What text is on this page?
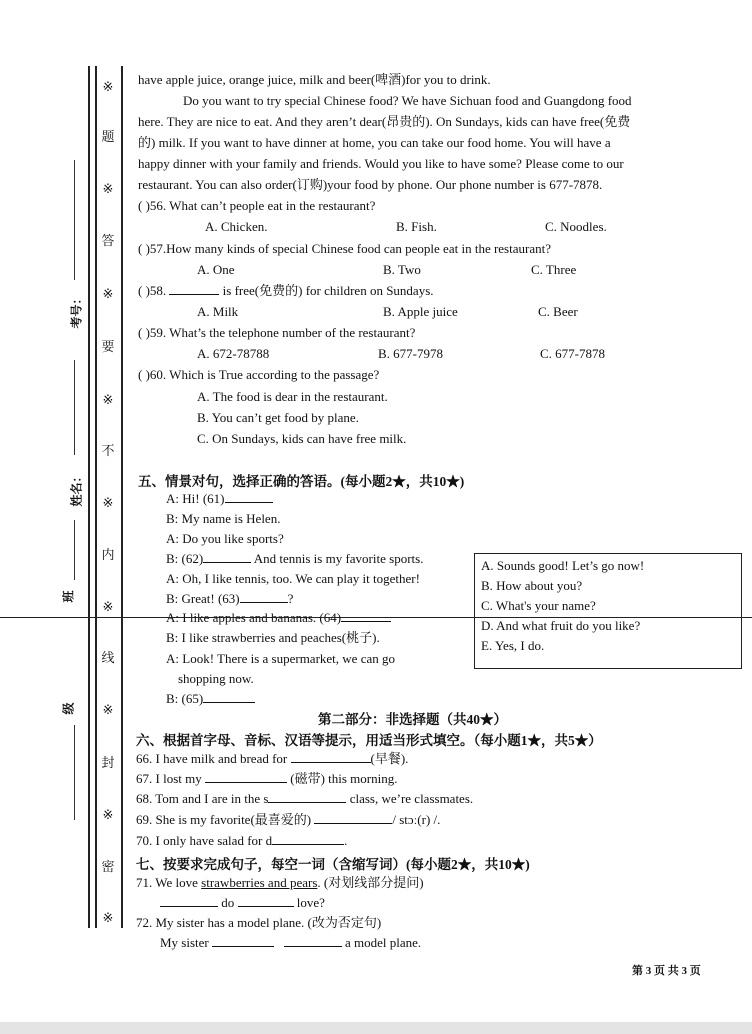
※
题
※
答
※
要
※
不
※
内
※
线
※
封
※
密
※
考号：
姓名：
班
级
have apple juice, orange juice, milk and beer(啤酒)for you to drink.
Do you want to try special Chinese food? We have Sichuan food and Guangdong food
here. They are nice to eat. And they aren’t dear(昂贵的). On Sundays, kids can have free(免费
的) milk. If you want to have dinner at home, you can take our food home. You will have a
happy dinner with your family and friends. Would you like to have some? Please come to our
restaurant. You can also order(订购)your food by phone. Our phone number is 677-7878.
( )56. What can’t people eat in the restaurant?
A. Chicken.	B. Fish.	C. Noodles.
( )57.How many kinds of special Chinese food can people eat in the restaurant?
A. One	B. Two	C. Three
( )58.	is free(免费的) for children on Sundays.
A. Milk	B. Apple juice	C. Beer
( )59. What’s the telephone number of the restaurant?
A. 672-78788	B. 677-7978	C. 677-7878
( )60. Which is True according to the passage?
A. The food is dear in the restaurant.
B. You can’t get food by plane.
C. On Sundays, kids can have free milk.
五、情景对句，选择正确的答语。(每小题2★，共10★)
A: Hi! (61)
B: My name is Helen.
A: Do you like sports?
B: (62)	And tennis is my favorite sports.
A: Oh, I like tennis, too. We can play it together!
B: Great! (63)	?
A: I like apples and bananas. (64)
B: I like strawberries and peaches(桃子).
A: Look! There is a supermarket, we can go
shopping now.
B: (65)
A. Sounds good! Let’s go now!
B. How about you?
C. What's your name?
D. And what fruit do you like?
E. Yes, I do.
第二部分：非选择题（共40★）
六、根据首字母、音标、汉语等提示，用适当形式填空。（每小题1★，共5★）
66. I have milk and bread for	(早餐).
67. I lost my	(磁带) this morning.
68. Tom and I are in the s	class, we’re classmates.
69. She is my favorite(最喜爱的)	/ stɔː(r) /.
70. I only have salad for d	.
七、按要求完成句子，每空一词（含缩写词）(每小题2★，共10★)
71. We love strawberries and pears. (对划线部分提问)
do	love?
72. My sister has a model plane. (改为否定句)
My sister	a model plane.
第 3 页 共 3 页
